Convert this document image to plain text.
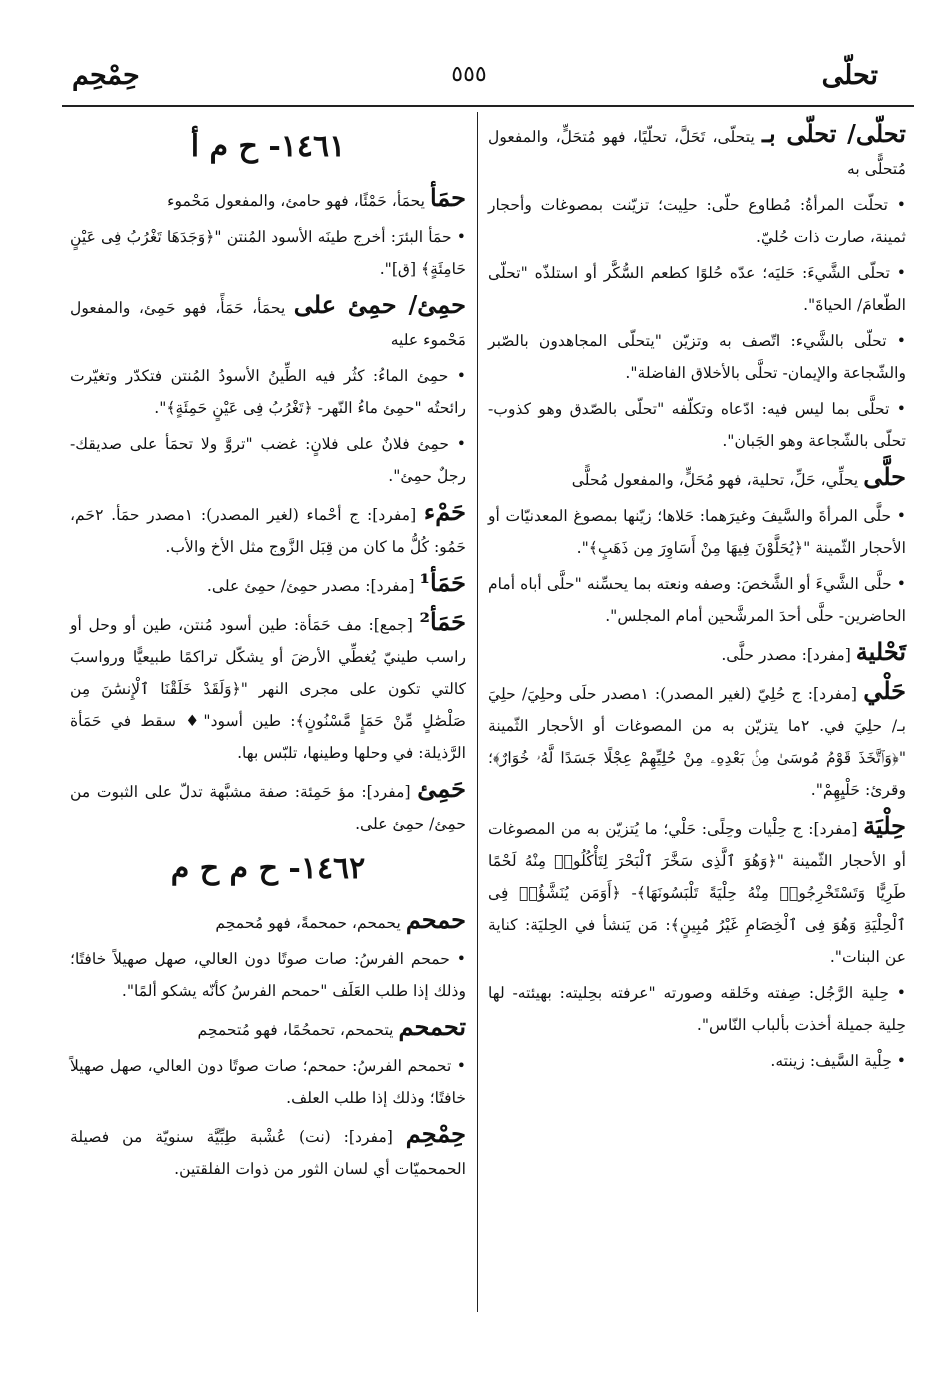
تحلّى
٥٥٥
حِمْحِم

تحلّى/ تحلّى بـ يتحلّى، تَحَلَّ، تحلّيًا، فهو مُتحَلٍّ، والمفعول مُتحلًّى به

• تحلّت المرأةُ: مُطاوع حلّى: حلِيت؛ تزيّنت بمصوغات وأحجار ثمينة، صارت ذات حُليّ.

• تحلّى الشَّيءَ: حَليَه؛ عدّه حُلوًا كطعم السُّكَّر أو استلذّه "تحلّى الطّعامَ/ الحياةَ".

• تحلّى بالشَّيء: اتّصف به وتزيّن "يتحلّى المجاهدون بالصّبر والشّجاعة والإيمان- تحلَّى بالأخلاق الفاضلة".

• تحلَّى بما ليس فيه: ادّعاه وتكلّفه "تحلّى بالصّدق وهو كذوب- تحلّى بالشّجاعة وهو الجَبان".

حلَّى يحلِّي، حَلِّ، تحلية، فهو مُحَلٍّ، والمفعول مُحلًّى

• حلَّى المرأةَ والسَّيفَ وغيرَهما: حَلاها؛ زيّنها بمصوغ المعدنيّات أو الأحجار الثّمينة "﴿يُحَلَّوْنَ فِيهَا مِنْ أَسَاوِرَ مِن ذَهَبٍ﴾".

• حلَّى الشَّيءَ أو الشَّخصَ: وصفه ونعته بما يحسِّنه "حلَّى أباه أمام الحاضرين- حلَّى أحدَ المرشَّحين أمام المجلس".

تَحْلية [مفرد]: مصدر حلَّى.

حَلْي [مفرد]: ج حُلِيّ (لغير المصدر): ١مصدر حلَى وحلِيَ/ حلِيَ بـ/ حلِيَ في. ٢ما يتزيّن به من المصوغات أو الأحجار الثّمينة "﴿وَٱتَّخَذَ قَوْمُ مُوسَىٰ مِنۢ بَعْدِهِۦ مِنْ حُلِيِّهِمْ عِجْلًا جَسَدًا لَّهُۥ خُوَارٌ﴾؛ وقرئ: حَلْيِهِمْ".

حِلْيَة [مفرد]: ج حِلْيات وحِلًى: حَلْي؛ ما يُتزيّن به من المصوغات أو الأحجار الثّمينة "﴿وَهُوَ ٱلَّذِى سَخَّرَ ٱلْبَحْرَ لِتَأْكُلُوا۟ مِنْهُ لَحْمًا طَرِيًّا وَتَسْتَخْرِجُوا۟ مِنْهُ حِلْيَةً تَلْبَسُونَهَا﴾- ﴿أَوَمَن يُنَشَّؤُا۟ فِى ٱلْحِلْيَةِ وَهُوَ فِى ٱلْخِصَامِ غَيْرُ مُبِينٍ﴾: مَن يَنشأ في الحِليَة: كناية عن البنات".

• حِلية الرَّجُل: صِفته وخَلقه وصورته "عرفته بحِليته: بهيئته- لها حِلية جميلة أخذت بألباب النّاس".

• حِلْية السَّيف: زينته.

١٤٦١- ح م أ

حمَأ يحمَأ، حَمْئًا، فهو حامئ، والمفعول مَحْموء

• حمَأ البئرَ: أخرج طينَه الأسود المُنتن "﴿وَجَدَهَا تَغْرُبُ فِى عَيْنٍ حَامِئَةٍ﴾ [ق]".

حمِئ/ حمِئ على يحمَأ، حَمَأً، فهو حَمِئ، والمفعول مَحْموء عليه

• حمِئ الماءُ: كثُر فيه الطِّينُ الأسودُ المُنتن فتكدّر وتغيّرت رائحتُه "حمِئ ماءُ النّهر- ﴿تَغْرُبُ فِى عَيْنٍ حَمِئَةٍ﴾".

• حمِئ فلانٌ على فلانٍ: غضب "تروَّ ولا تحمَأ على صديقك- رجلٌ حمِئ".

حَمْء [مفرد]: ج أحْماء (لغير المصدر): ١مصدر حمَأ. ٢حَم، حَمُو: كُلُّ ما كان من قِبَل الزَّوج مثل الأخ والأب.

حَمَأ¹ [مفرد]: مصدر حمِئ/ حمِئ على.

حَمَأ² [جمع]: مف حَمَأة: طين أسود مُنتن، طين أو وحل أو راسب طينيّ يُغطِّي الأرضَ أو يشكّل تراكمًا طبيعيًّا ورواسبَ كالتي تكون على مجرى النهر "﴿وَلَقَدْ خَلَقْنَا ٱلْإِنسَٰنَ مِن صَلْصَٰلٍ مِّنْ حَمَإٍ مَّسْنُونٍ﴾: طين أسود"♦ سقط في حَمَأة الرَّذيلة: في وحلها وطينها، تلبّس بها.

حَمِئ [مفرد]: مؤ حَمِئة: صفة مشبَّهة تدلّ على الثبوت من حمِئ/ حمِئ على.

١٤٦٢- ح م ح م

حمحم يحمحم، حمحمةً، فهو مُحمحِم

• حمحم الفرسُ: صات صوتًا دون العالي، صهل صهيلاً خافتًا؛ وذلك إذا طلب العَلَف "حمحم الفرسُ كأنّه يشكو ألمًا".

تحمحم يتحمحم، تحمحُمًا، فهو مُتحمحِم

• تحمحم الفرسُ: حمحم؛ صات صوتًا دون العالي، صهل صهيلاً خافتًا؛ وذلك إذا طلب العلف.

حِمْحِم [مفرد]: (نت) عُشْبة طِبِّيَّة سنويّة من فصيلة الحمحميّات أي لسان الثور من ذوات الفلقتين.
